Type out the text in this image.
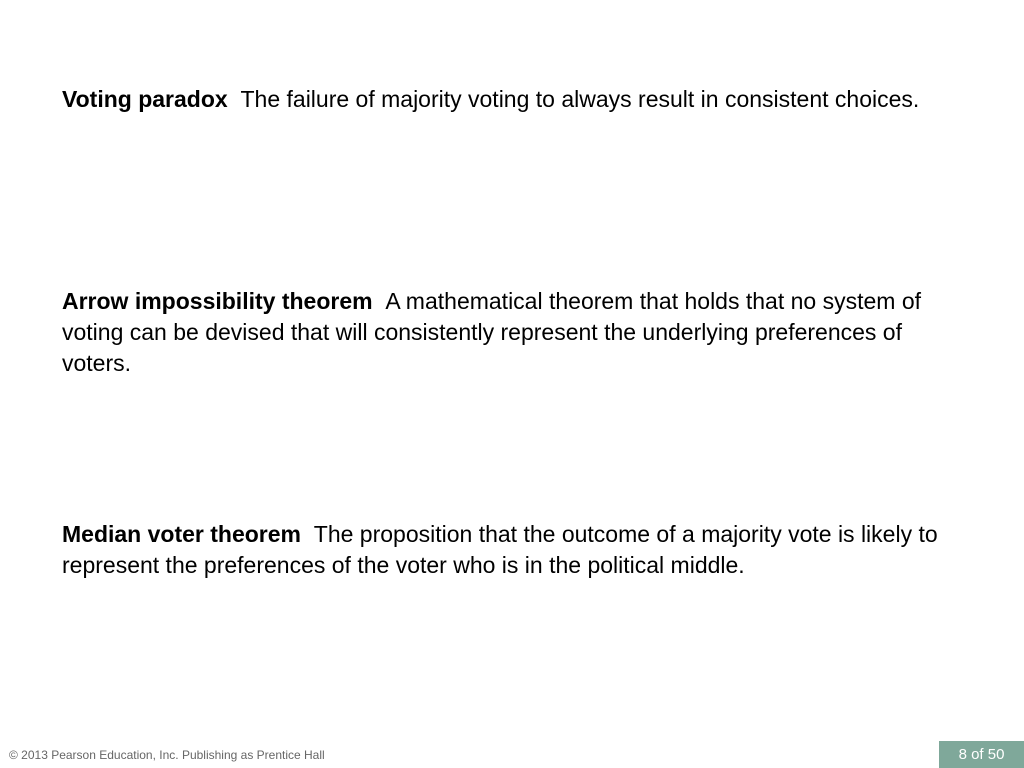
Voting paradox The failure of majority voting to always result in consistent choices.
Arrow impossibility theorem A mathematical theorem that holds that no system of voting can be devised that will consistently represent the underlying preferences of voters.
Median voter theorem The proposition that the outcome of a majority vote is likely to represent the preferences of the voter who is in the political middle.
© 2013 Pearson Education, Inc. Publishing as Prentice Hall	8 of 50
